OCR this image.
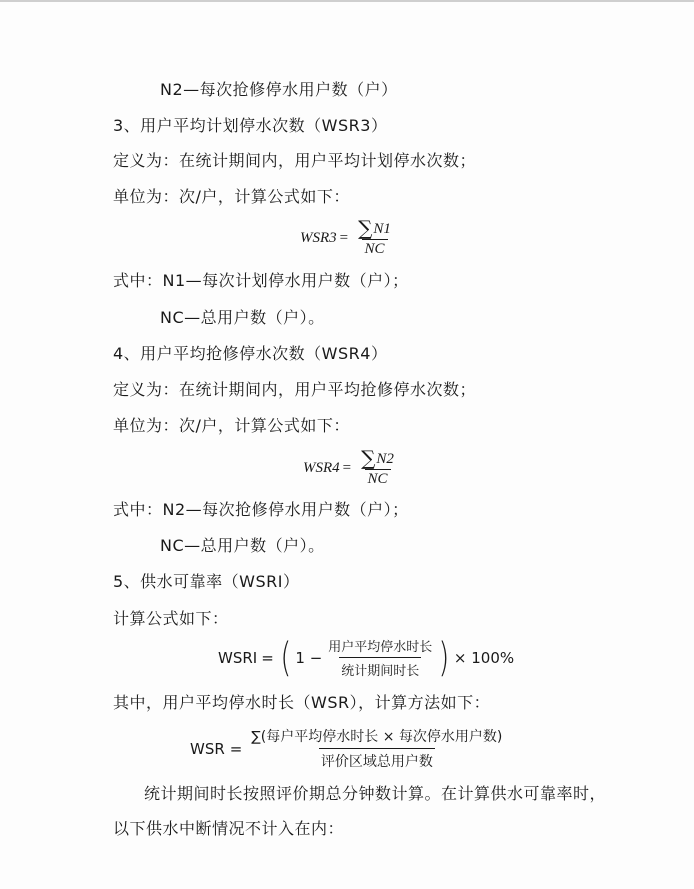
N2—每次抢修停水用户数（户）
3、用户平均计划停水次数（WSR3）
定义为：在统计期间内，用户平均计划停水次数；
单位为：次/户，计算公式如下：
$WSR3 = \frac{\sum N1}{NC}$
式中：N1—每次计划停水用户数（户）；
NC—总用户数（户）。
4、用户平均抢修停水次数（WSR4）
定义为：在统计期间内，用户平均抢修停水次数；
单位为：次/户，计算公式如下：
$WSR4 = \frac{\sum N2}{NC}$
式中：N2—每次抢修停水用户数（户）；
NC—总用户数（户）。
5、供水可靠率（WSRI）
计算公式如下：
WSRI = ( $1 - \frac{\text{用户平均停水时长}}{\text{统计期间时长}}$ ) × 100%
其中，用户平均停水时长（WSR），计算方法如下：
WSR = $\frac{\text{∑(每户平均停水时长 × 每次停水用户数)}}{\text{评价区域总用户数}}$
统计期间时长按照评价期总分钟数计算。在计算供水可靠率时，
以下供水中断情况不计入在内：
